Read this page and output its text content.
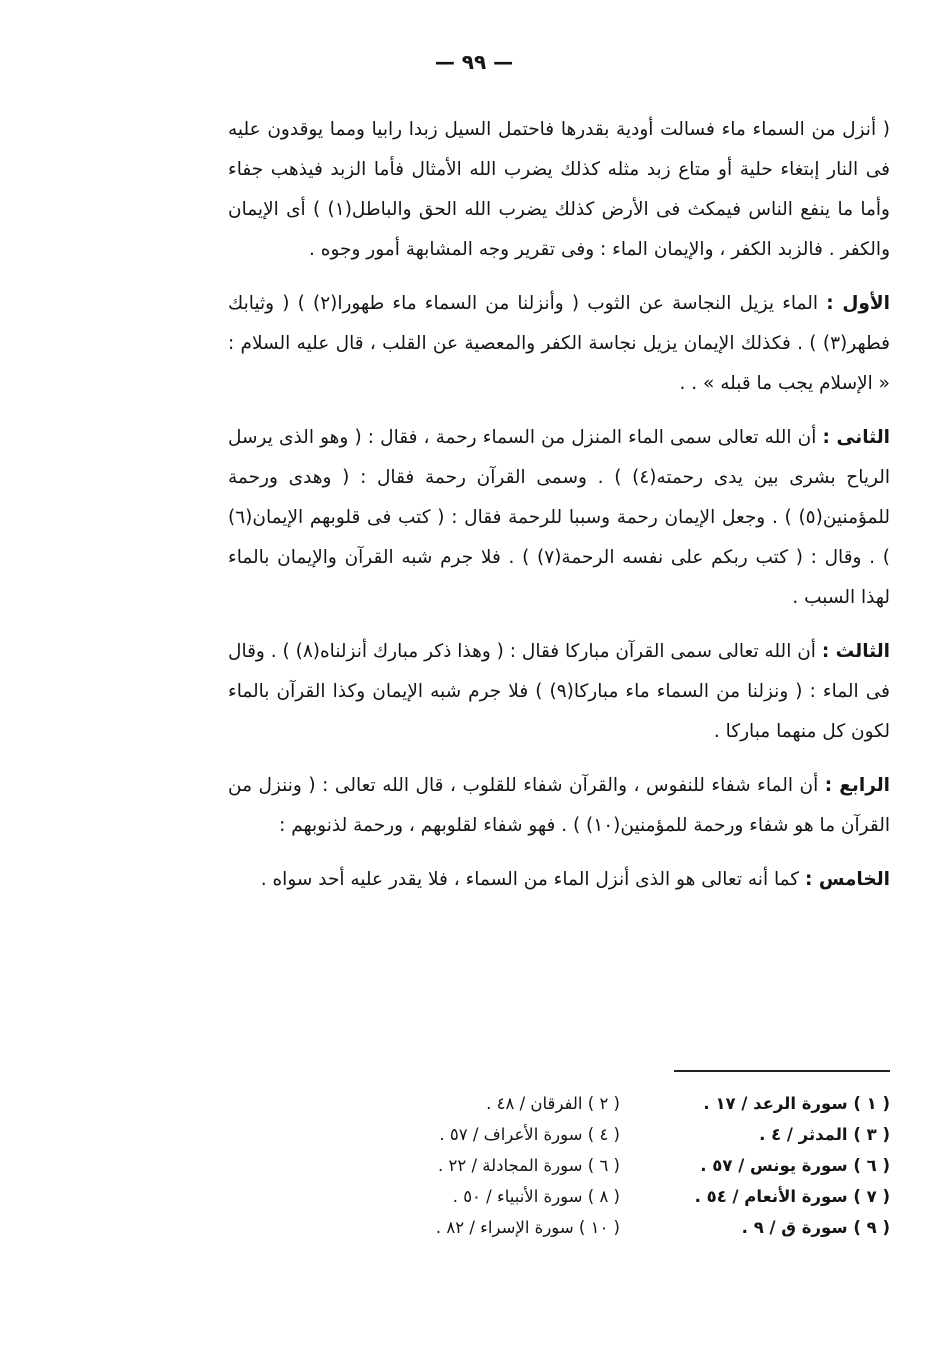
— ٩٩ —

( أنزل من السماء ماء فسالت أودية بقدرها فاحتمل السيل زبدا رابيا ومما يوقدون عليه فى النار إبتغاء حلية أو متاع زبد مثله كذلك يضرب الله الأمثال فأما الزبد فيذهب جفاء وأما ما ينفع الناس فيمكث فى الأرض كذلك يضرب الله الحق والباطل(١) ) أى الإيمان والكفر . فالزبد الكفر ، والإيمان الماء : وفى تقرير وجه المشابهة أمور وجوه .

الأول : الماء يزيل النجاسة عن الثوب ( وأنزلنا من السماء ماء طهورا(٢) ) ( وثيابك فطهر(٣) ) . فكذلك الإيمان يزيل نجاسة الكفر والمعصية عن القلب ، قال عليه السلام : « الإسلام يجب ما قبله » . .

الثانى : أن الله تعالى سمى الماء المنزل من السماء رحمة ، فقال : ( وهو الذى يرسل الرياح بشرى بين يدى رحمته(٤) ) . وسمى القرآن رحمة فقال : ( وهدى ورحمة للمؤمنين(٥) ) . وجعل الإيمان رحمة وسببا للرحمة فقال : ( كتب فى قلوبهم الإيمان(٦) ) . وقال : ( كتب ربكم على نفسه الرحمة(٧) ) . فلا جرم شبه القرآن والإيمان بالماء لهذا السبب .

الثالث : أن الله تعالى سمى القرآن مباركا فقال : ( وهذا ذكر مبارك أنزلناه(٨) ) . وقال فى الماء : ( ونزلنا من السماء ماء مباركا(٩) ) فلا جرم شبه الإيمان وكذا القرآن بالماء لكون كل منهما مباركا .

الرابع : أن الماء شفاء للنفوس ، والقرآن شفاء للقلوب ، قال الله تعالى : ( وننزل من القرآن ما هو شفاء ورحمة للمؤمنين(١٠) ) . فهو شفاء لقلوبهم ، ورحمة لذنوبهم :

الخامس : كما أنه تعالى هو الذى أنزل الماء من السماء ، فلا يقدر عليه أحد سواه .

( ١ ) سورة الرعد / ١٧ .
( ٢ ) الفرقان / ٤٨ .
( ٣ ) المدثر / ٤ .
( ٤ ) سورة الأعراف / ٥٧ .
( ٦ ) سورة يونس / ٥٧ .
( ٦ ) سورة المجادلة / ٢٢ .
( ٧ ) سورة الأنعام / ٥٤ .
( ٨ ) سورة الأنبياء / ٥٠ .
( ٩ ) سورة ق / ٩ .
( ١٠ ) سورة الإسراء / ٨٢ .
